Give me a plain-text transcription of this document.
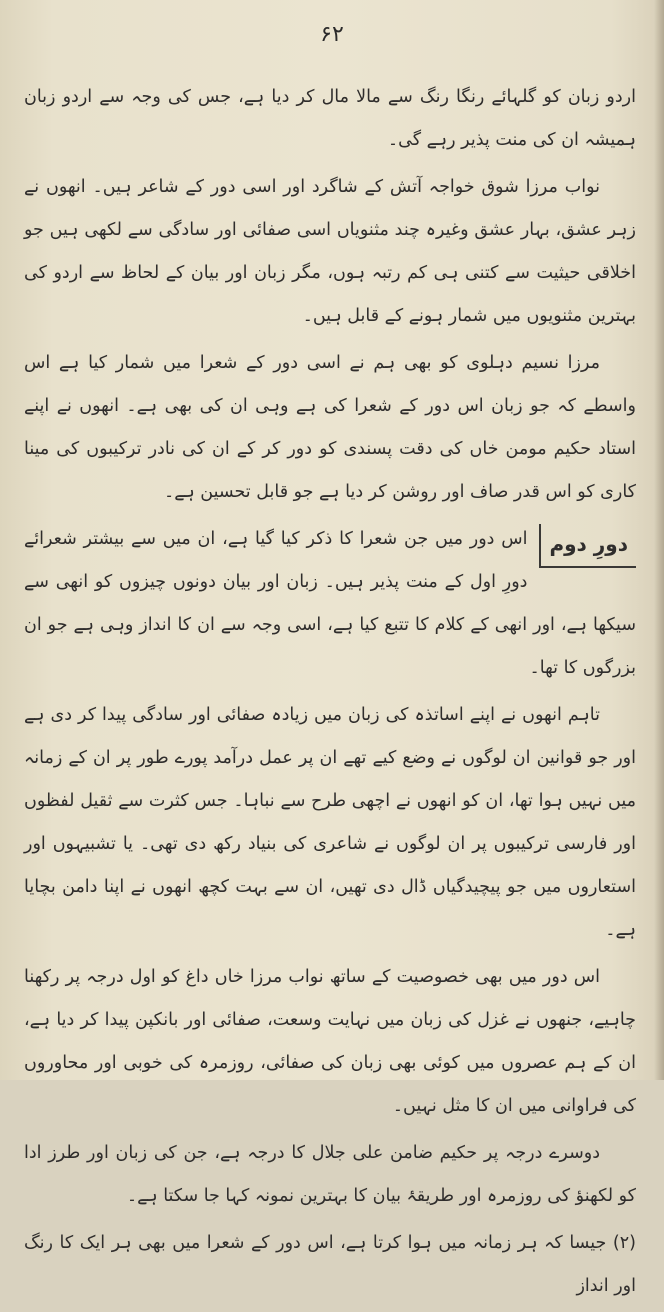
۶۲

اردو زبان کو گلہائے رنگا رنگ سے مالا مال کر دیا ہے، جس کی وجہ سے اردو زبان ہمیشہ ان کی منت پذیر رہے گی۔

نواب مرزا شوق خواجہ آتش کے شاگرد اور اسی دور کے شاعر ہیں۔ انھوں نے زہر عشق، بہار عشق وغیرہ چند مثنویاں اسی صفائی اور سادگی سے لکھی ہیں جو اخلاقی حیثیت سے کتنی ہی کم رتبہ ہوں، مگر زبان اور بیان کے لحاظ سے اردو کی بہترین مثنویوں میں شمار ہونے کے قابل ہیں۔

مرزا نسیم دہلوی کو بھی ہم نے اسی دور کے شعرا میں شمار کیا ہے اس واسطے کہ جو زبان اس دور کے شعرا کی ہے وہی ان کی بھی ہے۔ انھوں نے اپنے استاد حکیم مومن خاں کی دقت پسندی کو دور کر کے ان کی نادر ترکیبوں کی مینا کاری کو اس قدر صاف اور روشن کر دیا ہے جو قابل تحسین ہے۔

دورِ دوم

اس دور میں جن شعرا کا ذکر کیا گیا ہے، ان میں سے بیشتر شعرائے دورِ اول کے منت پذیر ہیں۔ زبان اور بیان دونوں چیزوں کو انھی سے سیکھا ہے، اور انھی کے کلام کا تتبع کیا ہے، اسی وجہ سے ان کا انداز وہی ہے جو ان بزرگوں کا تھا۔

تاہم انھوں نے اپنے اساتذہ کی زبان میں زیادہ صفائی اور سادگی پیدا کر دی ہے اور جو قوانین ان لوگوں نے وضع کیے تھے ان پر عمل درآمد پورے طور پر ان کے زمانہ میں نہیں ہوا تھا، ان کو انھوں نے اچھی طرح سے نباہا۔ جس کثرت سے ثقیل لفظوں اور فارسی ترکیبوں پر ان لوگوں نے شاعری کی بنیاد رکھ دی تھی۔ یا تشبیہوں اور استعاروں میں جو پیچیدگیاں ڈال دی تھیں، ان سے بہت کچھ انھوں نے اپنا دامن بچایا ہے۔

اس دور میں بھی خصوصیت کے ساتھ نواب مرزا خاں داغ کو اول درجہ پر رکھنا چاہیے، جنھوں نے غزل کی زبان میں نہایت وسعت، صفائی اور بانکپن پیدا کر دیا ہے، ان کے ہم عصروں میں کوئی بھی زبان کی صفائی، روزمرہ کی خوبی اور محاوروں کی فراوانی میں ان کا مثل نہیں۔

دوسرے درجہ پر حکیم ضامن علی جلال کا درجہ ہے، جن کی زبان اور طرز ادا کو لکھنؤ کی روزمرہ اور طریقۂ بیان کا بہترین نمونہ کہا جا سکتا ہے۔

(۲) جیسا کہ ہر زمانہ میں ہوا کرتا ہے، اس دور کے شعرا میں بھی ہر ایک کا رنگ اور انداز
